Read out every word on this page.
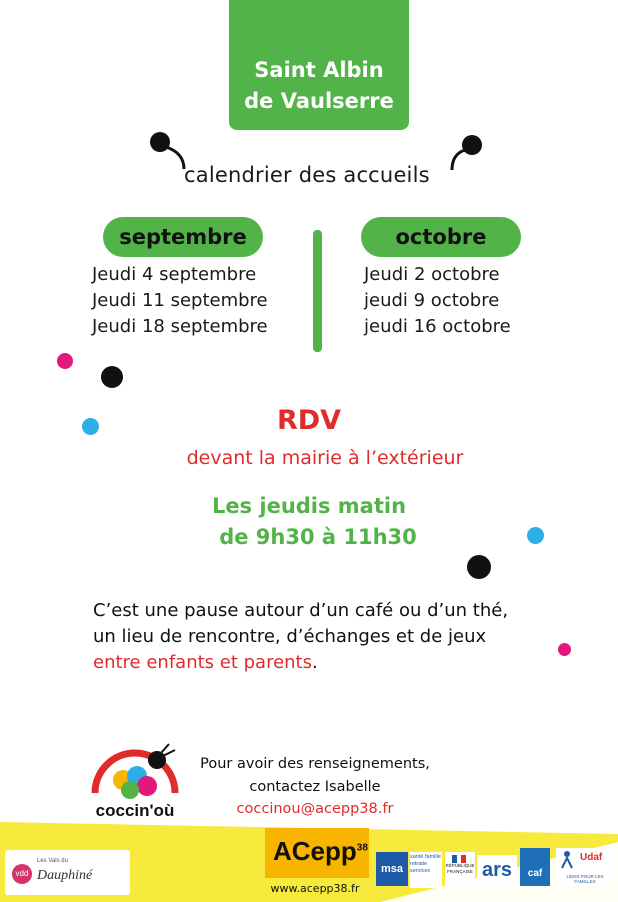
Saint Albin
de Vaulserre
calendrier des accueils
septembre	octobre
Jeudi 4 septembre
Jeudi 11 septembre
Jeudi 18 septembre
Jeudi 2 octobre
jeudi 9 octobre
jeudi 16 octobre
RDV
devant la mairie à l’extérieur
Les jeudis matin
de 9h30 à 11h30
C’est une pause autour d’un café ou d’un thé,
un lieu de rencontre, d’échanges et de jeux
entre enfants et parents.
coccin'où
Pour avoir des renseignements,
contactez Isabelle
coccinou@acepp38.fr
vdd
Les Vals du
Dauphiné
ACepp$^{38}$
www.acepp38.fr
msa
santé famille retraite services
RÉPUBLIQUE FRANÇAISE ars	caf
Udaf
LIENS POUR LES FAMILLES
